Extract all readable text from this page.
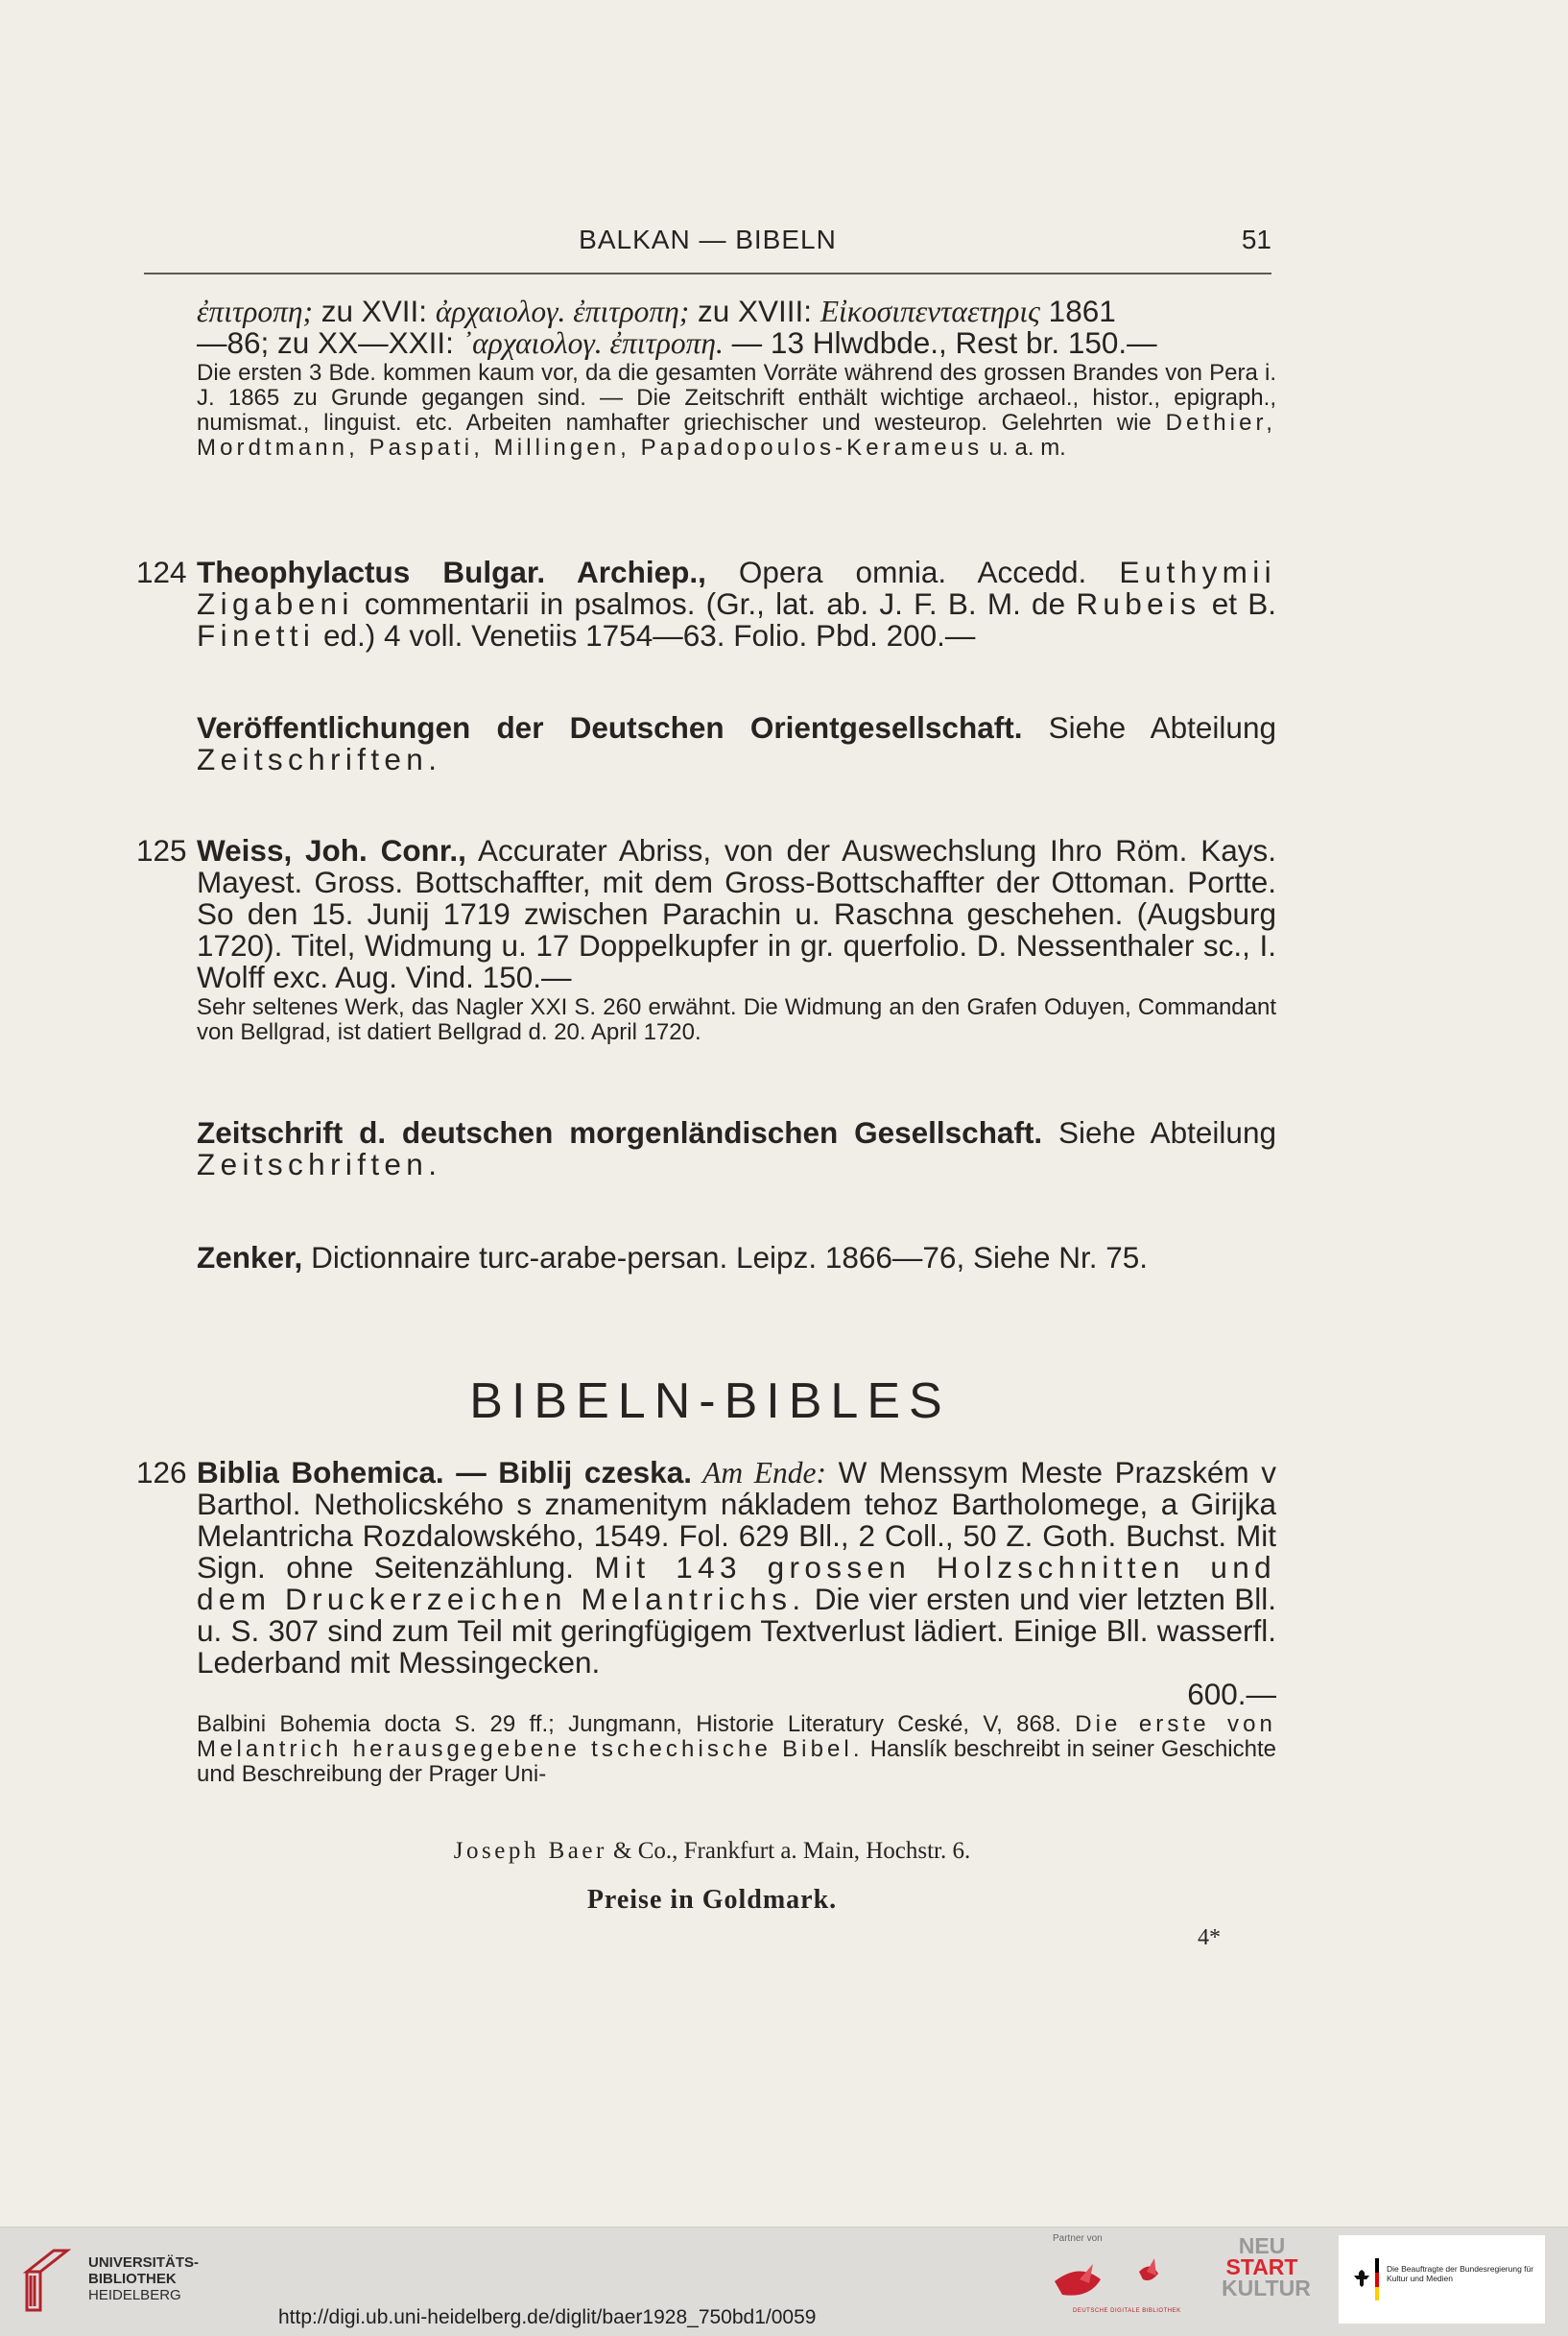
BALKAN — BIBELN	51
ἐπιτροπη; zu XVII: ἀρχαιολογ. ἐπιτροπη; zu XVIII: Εἰκοσιπενταετηρις 1861
—86; zu XX—XXII: ᾿αρχαιολογ. ἐπιτροπη. — 13 Hlwdbde., Rest br. 150.—
Die ersten 3 Bde. kommen kaum vor, da die gesamten Vorräte während des grossen Brandes von Pera i. J. 1865 zu Grunde gegangen sind. — Die Zeitschrift enthält wichtige archaeol., histor., epigraph., numismat., linguist. etc. Arbeiten namhafter griechischer und westeurop. Gelehrten wie Dethier, Mordtmann, Paspati, Millingen, Papadopoulos-Kerameus u. a. m.
124 Theophylactus Bulgar. Archiep., Opera omnia. Accedd. Euthymii Zigabeni commentarii in psalmos. (Gr., lat. ab. J. F. B. M. de Rubeis et B. Finetti ed.) 4 voll. Venetiis 1754—63. Folio. Pbd. 200.—
Veröffentlichungen der Deutschen Orientgesellschaft. Siehe Abteilung Zeitschriften.
125 Weiss, Joh. Conr., Accurater Abriss, von der Auswechslung Ihro Röm. Kays. Mayest. Gross. Bottschaffter, mit dem Gross-Bottschaffter der Ottoman. Portte. So den 15. Junij 1719 zwischen Parachin u. Raschna geschehen. (Augsburg 1720). Titel, Widmung u. 17 Doppelkupfer in gr. querfolio. D. Nessenthaler sc., I. Wolff exc. Aug. Vind. 150.—
Sehr seltenes Werk, das Nagler XXI S. 260 erwähnt. Die Widmung an den Grafen Oduyen, Commandant von Bellgrad, ist datiert Bellgrad d. 20. April 1720.
Zeitschrift d. deutschen morgenländischen Gesellschaft. Siehe Abteilung Zeitschriften.
Zenker, Dictionnaire turc-arabe-persan. Leipz. 1866—76, Siehe Nr. 75.
BIBELN-BIBLES
126 Biblia Bohemica. — Biblij czeska. Am Ende: W Menssym Meste Prazském v Barthol. Netholicského s znamenitym nákladem tehoz Bartholomege, a Girijka Melantricha Rozdalowského, 1549. Fol. 629 Bll., 2 Coll., 50 Z. Goth. Buchst. Mit Sign. ohne Seitenzählung. Mit 143 grossen Holzschnitten und dem Druckerzeichen Melantrichs. Die vier ersten und vier letzten Bll. u. S. 307 sind zum Teil mit geringfügigem Textverlust lädiert. Einige Bll. wasserfl. Lederband mit Messingecken.
600.—
Balbini Bohemia docta S. 29 ff.; Jungmann, Historie Literatury Ceské, V, 868. Die erste von Melantrich herausgegebene tschechische Bibel. Hanslík beschreibt in seiner Geschichte und Beschreibung der Prager Uni-
Joseph Baer & Co., Frankfurt a. Main, Hochstr. 6.
Preise in Goldmark.
4*
UNIVERSITÄTS-
BIBLIOTHEK
HEIDELBERG
http://digi.ub.uni-heidelberg.de/diglit/baer1928_750bd1/0059
Partner von
DEUTSCHE DIGITALE BIBLIOTHEK
NEU
START
KULTUR
Die Beauftragte der Bundesregierung für Kultur und Medien
